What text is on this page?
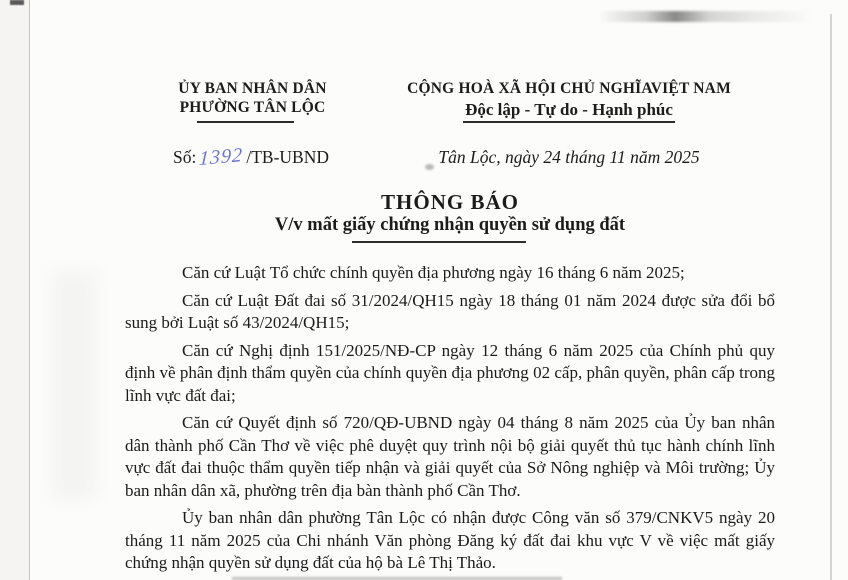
ỦY BAN NHÂN DÂN
PHƯỜNG TÂN LỘC
CỘNG HOÀ XÃ HỘI CHỦ NGHĨAVIỆT NAM
Độc lập - Tự do - Hạnh phúc
Số: 1392 /TB-UBND	Tân Lộc, ngày 24 tháng 11 năm 2025
THÔNG BÁO
V/v mất giấy chứng nhận quyền sử dụng đất

Căn cứ Luật Tổ chức chính quyền địa phương ngày 16 tháng 6 năm 2025;

Căn cứ Luật Đất đai số 31/2024/QH15 ngày 18 tháng 01 năm 2024 được sửa đổi bổ sung bởi Luật số 43/2024/QH15;

Căn cứ Nghị định 151/2025/NĐ-CP ngày 12 tháng 6 năm 2025 của Chính phủ quy định về phân định thẩm quyền của chính quyền địa phương 02 cấp, phân quyền, phân cấp trong lĩnh vực đất đai;

Căn cứ Quyết định số 720/QĐ-UBND ngày 04 tháng 8 năm 2025 của Ủy ban nhân dân thành phố Cần Thơ về việc phê duyệt quy trình nội bộ giải quyết thủ tục hành chính lĩnh vực đất đai thuộc thẩm quyền tiếp nhận và giải quyết của Sở Nông nghiệp và Môi trường; Ủy ban nhân dân xã, phường trên địa bàn thành phố Cần Thơ.

Ủy ban nhân dân phường Tân Lộc có nhận được Công văn số 379/CNKV5 ngày 20 tháng 11 năm 2025 của Chi nhánh Văn phòng Đăng ký đất đai khu vực V về việc mất giấy chứng nhận quyền sử dụng đất của hộ bà Lê Thị Thảo.
